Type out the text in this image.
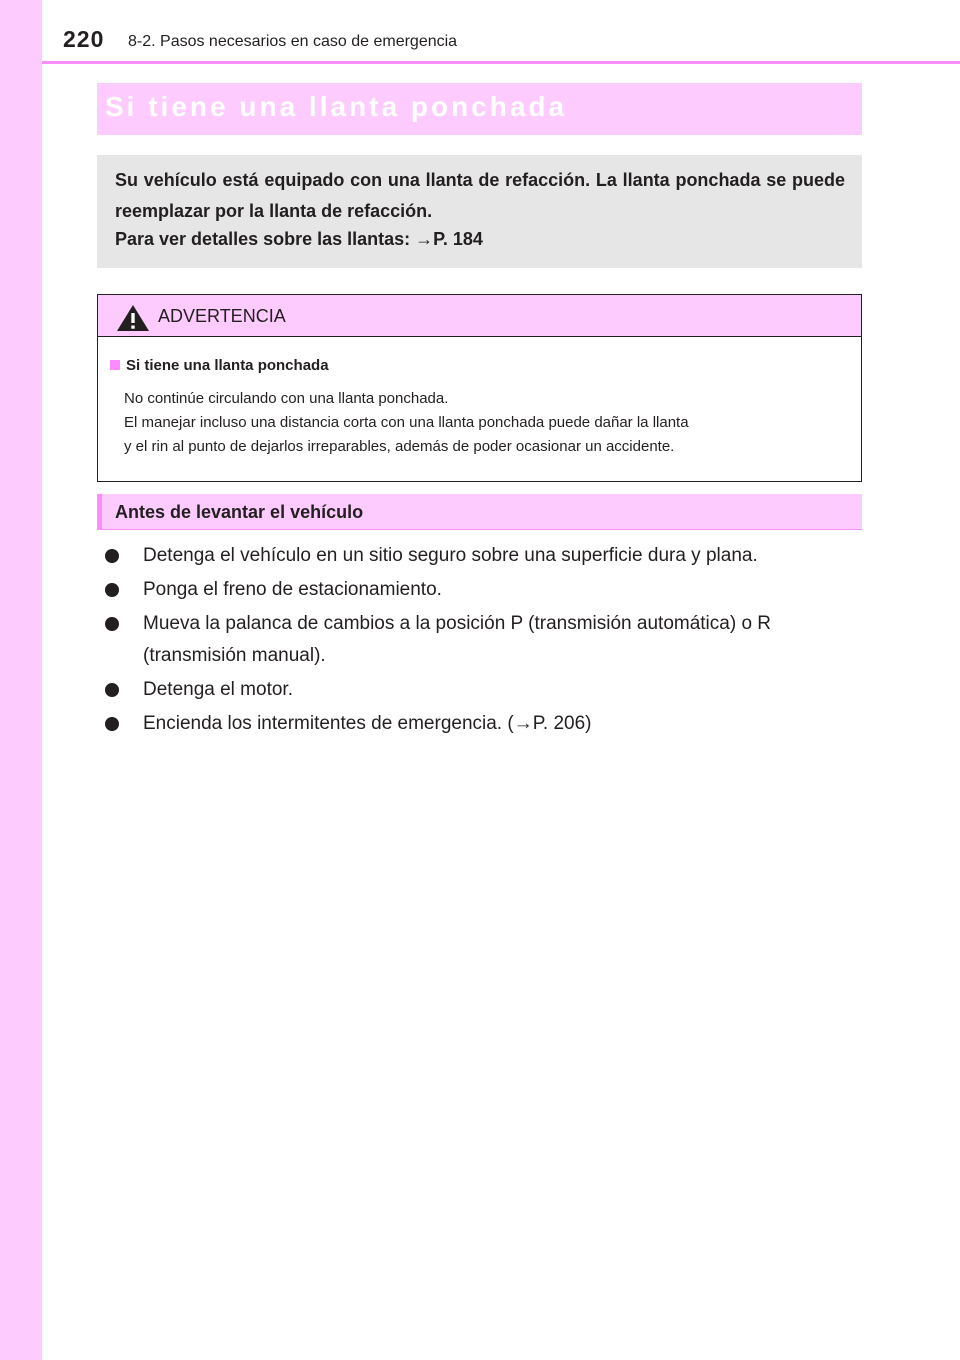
220 8-2. Pasos necesarios en caso de emergencia
Si tiene una llanta ponchada
Su vehículo está equipado con una llanta de refacción. La llanta ponchada se puede reemplazar por la llanta de refacción.
Para ver detalles sobre las llantas: →P. 184
ADVERTENCIA
Si tiene una llanta ponchada
No continúe circulando con una llanta ponchada.
El manejar incluso una distancia corta con una llanta ponchada puede dañar la llanta
y el rin al punto de dejarlos irreparables, además de poder ocasionar un accidente.
Antes de levantar el vehículo
Detenga el vehículo en un sitio seguro sobre una superficie dura y plana.
Ponga el freno de estacionamiento.
Mueva la palanca de cambios a la posición P (transmisión automática) o R (transmisión manual).
Detenga el motor.
Encienda los intermitentes de emergencia. (→P. 206)
